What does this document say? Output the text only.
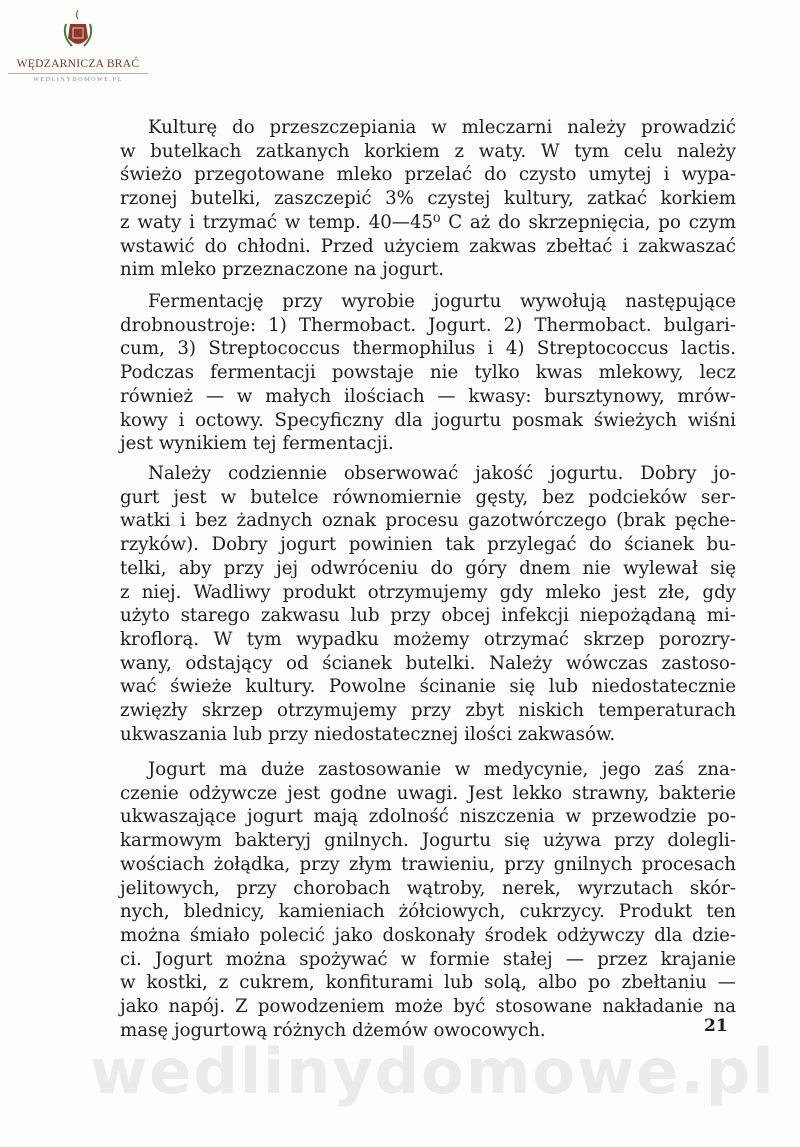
WĘDZARNICZA BRAĆ
WEDLINYDOMOWE.PL
wedlinydomowe.pl
Kulturę do przeszczepiania w mleczarni należy prowadzić
w butelkach zatkanych korkiem z waty. W tym celu należy
świeżo przegotowane mleko przelać do czysto umytej i wypa-
rzonej butelki, zaszczepić 3% czystej kultury, zatkać korkiem
z waty i trzymać w temp. 40—45⁰ C aż do skrzepnięcia, po czym
wstawić do chłodni. Przed użyciem zakwas zbełtać i zakwaszać
nim mleko przeznaczone na jogurt.
Fermentację przy wyrobie jogurtu wywołują następujące
drobnoustroje: 1) Thermobact. Jogurt. 2) Thermobact. bulgari-
cum, 3) Streptococcus thermophilus i 4) Streptococcus lactis.
Podczas fermentacji powstaje nie tylko kwas mlekowy, lecz
również — w małych ilościach — kwasy: bursztynowy, mrów-
kowy i octowy. Specyficzny dla jogurtu posmak świeżych wiśni
jest wynikiem tej fermentacji.
Należy codziennie obserwować jakość jogurtu. Dobry jo-
gurt jest w butelce równomiernie gęsty, bez podcieków ser-
watki i bez żadnych oznak procesu gazotwórczego (brak pęche-
rzyków). Dobry jogurt powinien tak przylegać do ścianek bu-
telki, aby przy jej odwróceniu do góry dnem nie wylewał się
z niej. Wadliwy produkt otrzymujemy gdy mleko jest złe, gdy
użyto starego zakwasu lub przy obcej infekcji niepożądaną mi-
kroflorą. W tym wypadku możemy otrzymać skrzep porozry-
wany, odstający od ścianek butelki. Należy wówczas zastoso-
wać świeże kultury. Powolne ścinanie się lub niedostatecznie
zwięzły skrzep otrzymujemy przy zbyt niskich temperaturach
ukwaszania lub przy niedostatecznej ilości zakwasów.
Jogurt ma duże zastosowanie w medycynie, jego zaś zna-
czenie odżywcze jest godne uwagi. Jest lekko strawny, bakterie
ukwaszające jogurt mają zdolność niszczenia w przewodzie po-
karmowym bakteryj gnilnych. Jogurtu się używa przy dolegli-
wościach żołądka, przy złym trawieniu, przy gnilnych procesach
jelitowych, przy chorobach wątroby, nerek, wyrzutach skór-
nych, blednicy, kamieniach żółciowych, cukrzycy. Produkt ten
można śmiało polecić jako doskonały środek odżywczy dla dzie-
ci. Jogurt można spożywać w formie stałej — przez krajanie
w kostki, z cukrem, konfiturami lub solą, albo po zbełtaniu —
jako napój. Z powodzeniem może być stosowane nakładanie na
masę jogurtową różnych dżemów owocowych.	21
